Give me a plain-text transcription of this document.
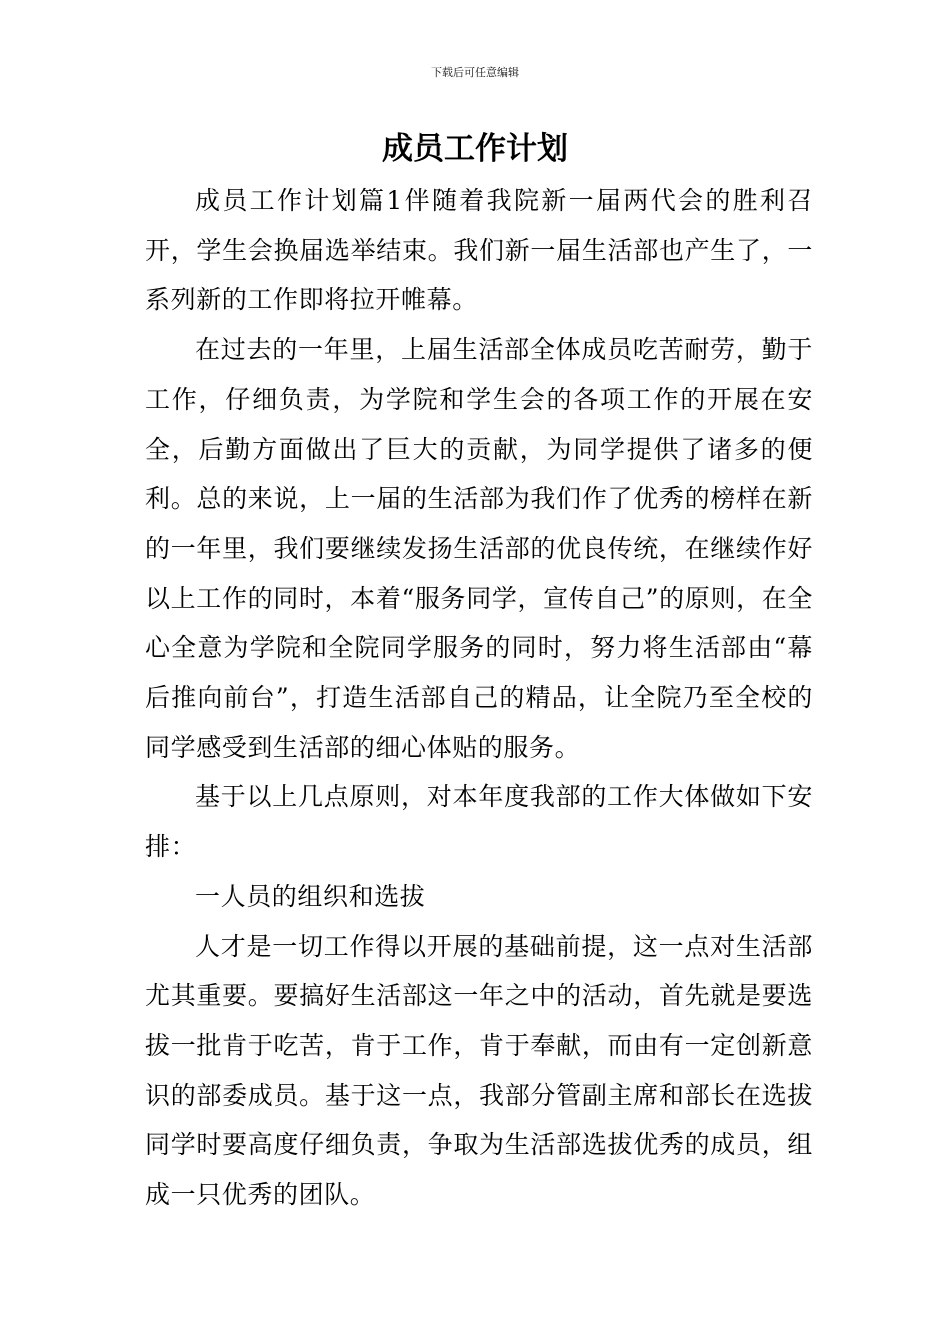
下载后可任意编辑
成员工作计划

成员工作计划篇1伴随着我院新一届两代会的胜利召开，学生会换届选举结束。我们新一届生活部也产生了，一系列新的工作即将拉开帷幕。

在过去的一年里，上届生活部全体成员吃苦耐劳，勤于工作，仔细负责，为学院和学生会的各项工作的开展在安全，后勤方面做出了巨大的贡献，为同学提供了诸多的便利。总的来说，上一届的生活部为我们作了优秀的榜样在新的一年里，我们要继续发扬生活部的优良传统，在继续作好以上工作的同时，本着“服务同学，宣传自己”的原则，在全心全意为学院和全院同学服务的同时，努力将生活部由“幕后推向前台”，打造生活部自己的精品，让全院乃至全校的同学感受到生活部的细心体贴的服务。

基于以上几点原则，对本年度我部的工作大体做如下安排：

一人员的组织和选拔

人才是一切工作得以开展的基础前提，这一点对生活部尤其重要。要搞好生活部这一年之中的活动，首先就是要选拔一批肯于吃苦，肯于工作，肯于奉献，而由有一定创新意识的部委成员。基于这一点，我部分管副主席和部长在选拔同学时要高度仔细负责，争取为生活部选拔优秀的成员，组成一只优秀的团队。
